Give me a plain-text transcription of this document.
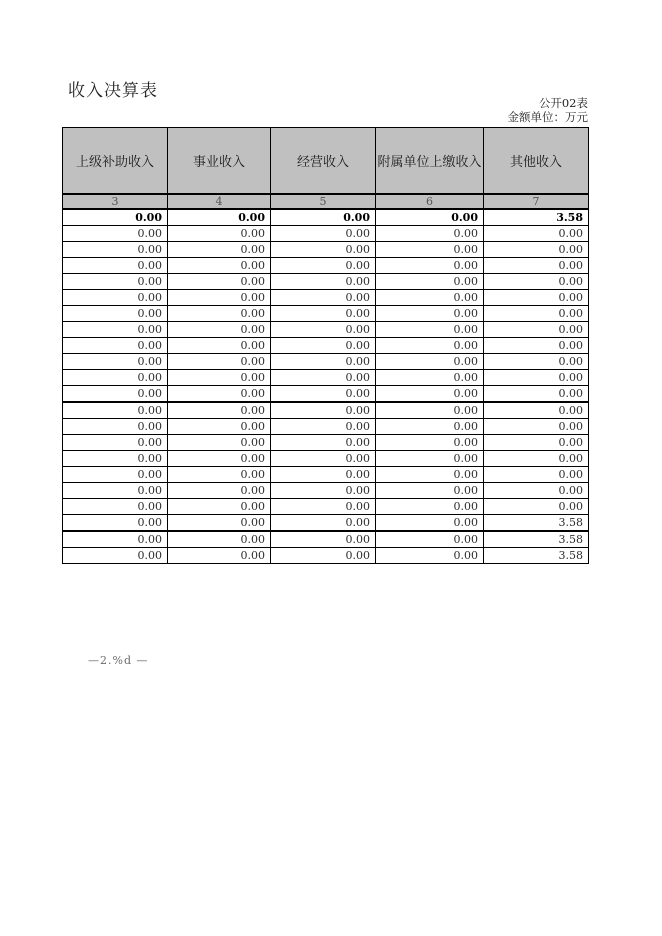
收入决算表
公开02表
金额单位：万元
上级补助收入	事业收入	经营收入	附属单位上缴收入	其他收入
3	4	5	6	7
0.00	0.00	0.00	0.00	3.58
0.00	0.00	0.00	0.00	0.00
0.00	0.00	0.00	0.00	0.00
0.00	0.00	0.00	0.00	0.00
0.00	0.00	0.00	0.00	0.00
0.00	0.00	0.00	0.00	0.00
0.00	0.00	0.00	0.00	0.00
0.00	0.00	0.00	0.00	0.00
0.00	0.00	0.00	0.00	0.00
0.00	0.00	0.00	0.00	0.00
0.00	0.00	0.00	0.00	0.00
0.00	0.00	0.00	0.00	0.00
0.00	0.00	0.00	0.00	0.00
0.00	0.00	0.00	0.00	0.00
0.00	0.00	0.00	0.00	0.00
0.00	0.00	0.00	0.00	0.00
0.00	0.00	0.00	0.00	0.00
0.00	0.00	0.00	0.00	0.00
0.00	0.00	0.00	0.00	0.00
0.00	0.00	0.00	0.00	3.58
0.00	0.00	0.00	0.00	3.58
0.00	0.00	0.00	0.00	3.58
—2.%d —
